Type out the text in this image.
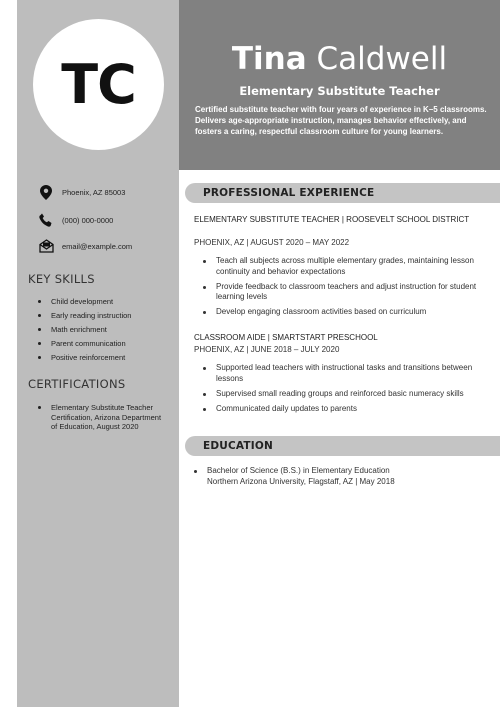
TC	Tina Caldwell
Elementary Substitute Teacher
Certified substitute teacher with four years of experience in K–5 classrooms. Delivers age-appropriate instruction, manages behavior effectively, and fosters a caring, respectful classroom culture for young learners.
Phoenix, AZ 85003
(000) 000-0000
email@example.com
KEY SKILLS
Child development
Early reading instruction
Math enrichment
Parent communication
Positive reinforcement
CERTIFICATIONS
Elementary Substitute Teacher Certification, Arizona Department of Education, August 2020
PROFESSIONAL EXPERIENCE
ELEMENTARY SUBSTITUTE TEACHER | ROOSEVELT SCHOOL DISTRICT
PHOENIX, AZ | AUGUST 2020 – MAY 2022
Teach all subjects across multiple elementary grades, maintaining lesson continuity and behavior expectations
Provide feedback to classroom teachers and adjust instruction for student learning levels
Develop engaging classroom activities based on curriculum
CLASSROOM AIDE | SMARTSTART PRESCHOOL
PHOENIX, AZ | JUNE 2018 – JULY 2020
Supported lead teachers with instructional tasks and transitions between lessons
Supervised small reading groups and reinforced basic numeracy skills
Communicated daily updates to parents
EDUCATION
Bachelor of Science (B.S.) in Elementary Education
Northern Arizona University, Flagstaff, AZ | May 2018
